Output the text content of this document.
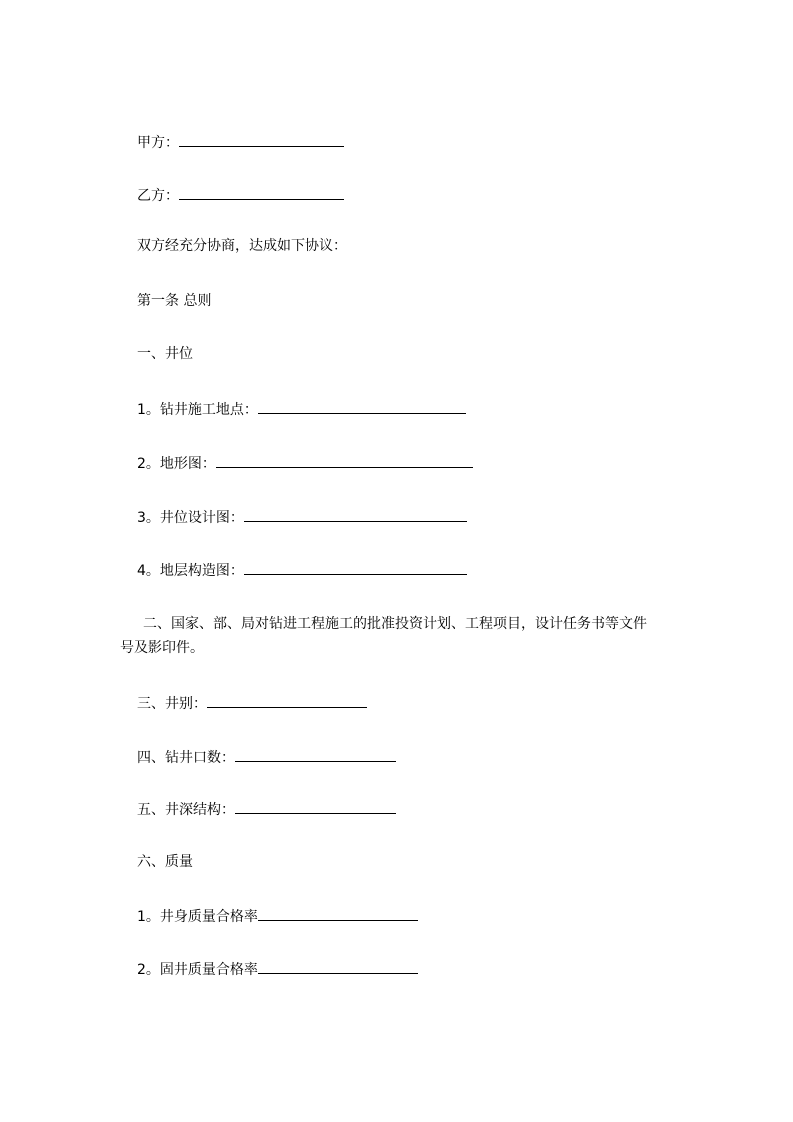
甲方：
乙方：
双方经充分协商，达成如下协议：
第一条 总则
一、井位
1。钻井施工地点：
2。地形图：
3。井位设计图：
4。地层构造图：
二、国家、部、局对钻进工程施工的批准投资计划、工程项目，设计任务书等文件号及影印件。
三、井别：
四、钻井口数：
五、井深结构：
六、质量
1。井身质量合格率
2。固井质量合格率
